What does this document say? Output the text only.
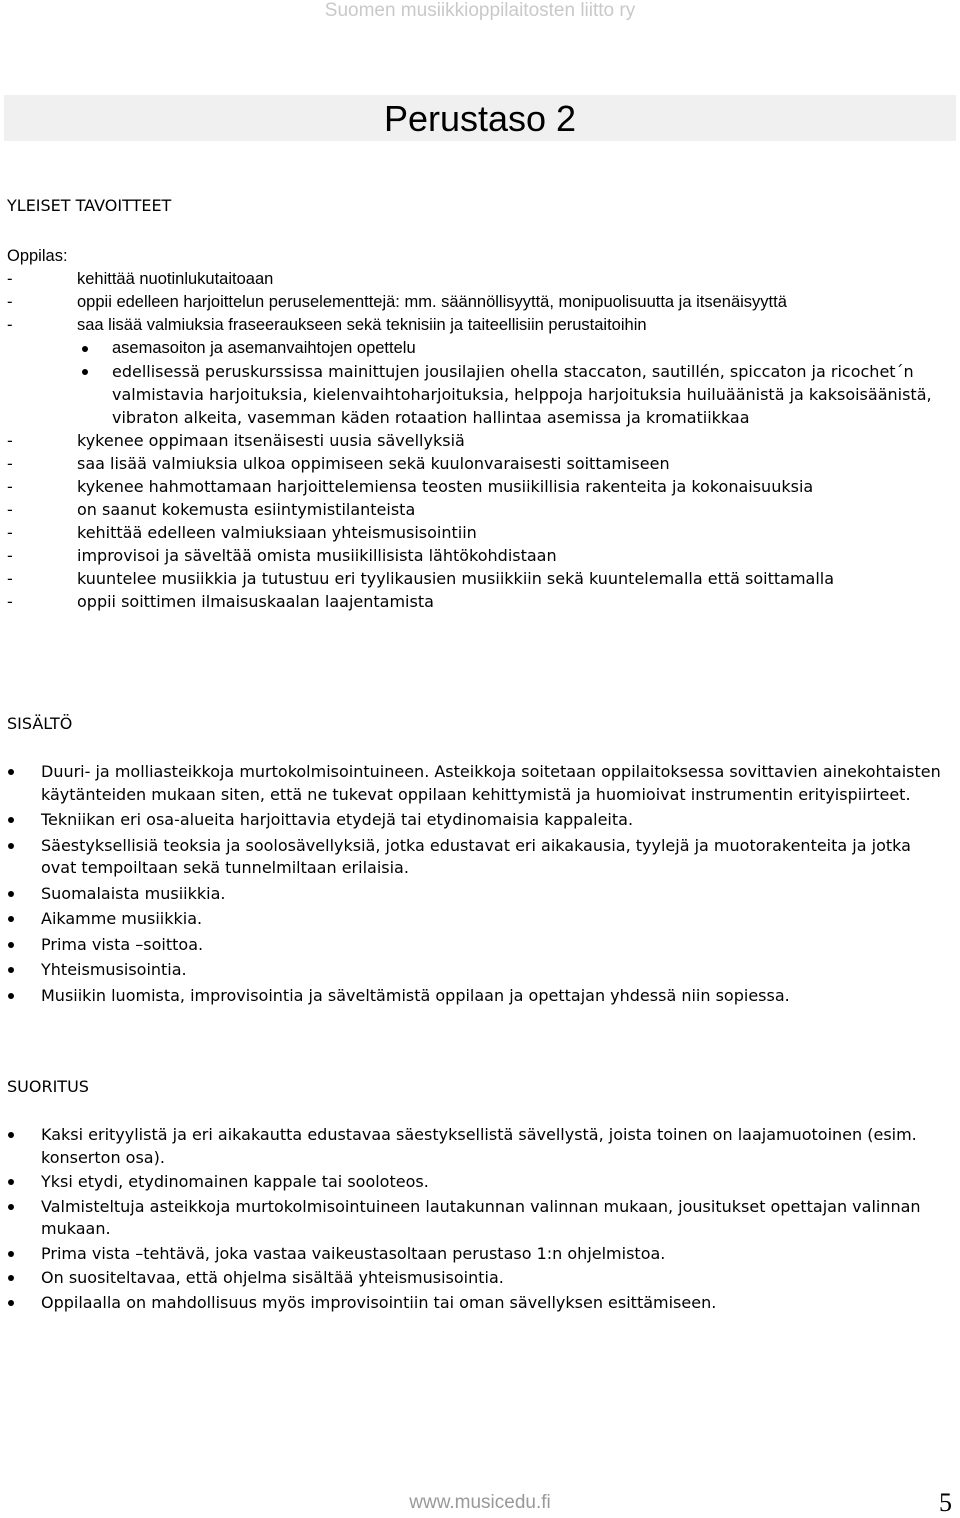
Suomen musiikkioppilaitosten liitto ry
Perustaso 2
YLEISET TAVOITTEET
Oppilas:
-	kehittää nuotinlukutaitoaan
-	oppii edelleen harjoittelun peruselementtejä: mm. säännöllisyyttä, monipuolisuutta ja itsenäisyyttä
-	saa lisää valmiuksia fraseeraukseen sekä teknisiin ja taiteellisiin perustaitoihin
asemasoiton ja asemanvaihtojen opettelu
edellisessä peruskurssissa mainittujen jousilajien ohella staccaton, sautillén, spiccaton ja ricochet´n valmistavia harjoituksia, kielenvaihtoharjoituksia, helppoja harjoituksia huiluäänistä ja kaksoisäänistä, vibraton alkeita, vasemman käden rotaation hallintaa asemissa ja kromatiikkaa
-	kykenee oppimaan itsenäisesti uusia sävellyksiä
-	saa lisää valmiuksia ulkoa oppimiseen sekä kuulonvaraisesti soittamiseen
-	kykenee hahmottamaan harjoittelemiensa teosten musiikillisia rakenteita ja kokonaisuuksia
-	on saanut kokemusta esiintymistilanteista
-	kehittää edelleen valmiuksiaan yhteismusisointiin
-	improvisoi ja säveltää omista musiikillisista lähtökohdistaan
-	kuuntelee musiikkia ja tutustuu eri tyylikausien musiikkiin sekä kuuntelemalla että soittamalla
-	oppii soittimen ilmaisuskaalan laajentamista
SISÄLTÖ
Duuri- ja molliasteikkoja murtokolmisointuineen. Asteikkoja soitetaan oppilaitoksessa sovittavien ainekohtaisten käytänteiden mukaan siten, että ne tukevat oppilaan kehittymistä ja huomioivat instrumentin erityispiirteet.
Tekniikan eri osa-alueita harjoittavia etydejä tai etydinomaisia kappaleita.
Säestyksellisiä teoksia ja soolosävellyksiä, jotka edustavat eri aikakausia, tyylejä ja muotorakenteita ja jotka ovat tempoiltaan sekä tunnelmiltaan erilaisia.
Suomalaista musiikkia.
Aikamme musiikkia.
Prima vista –soittoa.
Yhteismusisointia.
Musiikin luomista, improvisointia ja säveltämistä oppilaan ja opettajan yhdessä niin sopiessa.
SUORITUS
Kaksi erityylistä ja eri aikakautta edustavaa säestyksellistä sävellystä, joista toinen on laajamuotoinen (esim. konserton osa).
Yksi etydi, etydinomainen kappale tai sooloteos.
Valmisteltuja asteikkoja murtokolmisointuineen lautakunnan valinnan mukaan, jousitukset opettajan valinnan mukaan.
Prima vista –tehtävä, joka vastaa vaikeustasoltaan perustaso 1:n ohjelmistoa.
On suositeltavaa, että ohjelma sisältää yhteismusisointia.
Oppilaalla on mahdollisuus myös improvisointiin tai oman sävellyksen esittämiseen.
www.musicedu.fi	5
